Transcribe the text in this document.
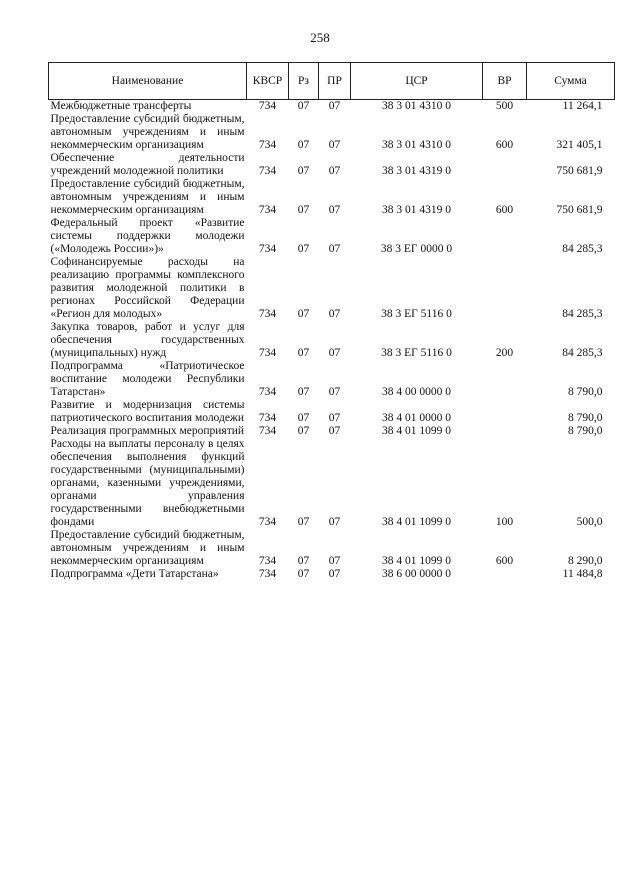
258
Наименование	КВСР	Рз	ПР	ЦСР	ВР	Сумма
Межбюджетные трансферты	734	07	07	38 3 01 4310 0	500	11 264,1
Предоставление субсидий бюджетным, автономным учреждениям и иным некоммерческим организациям	734	07	07	38 3 01 4310 0	600	321 405,1
Обеспечение деятельности учреждений молодежной политики	734	07	07	38 3 01 4319 0		750 681,9
Предоставление субсидий бюджетным, автономным учреждениям и иным некоммерческим организациям	734	07	07	38 3 01 4319 0	600	750 681,9
Федеральный проект «Развитие системы поддержки молодежи («Молодежь России»)»	734	07	07	38 3 ЕГ 0000 0		84 285,3
Софинансируемые расходы на реализацию программы комплексного развития молодежной политики в регионах Российской Федерации «Регион для молодых»	734	07	07	38 3 ЕГ 5116 0		84 285,3
Закупка товаров, работ и услуг для обеспечения государственных (муниципальных) нужд	734	07	07	38 3 ЕГ 5116 0	200	84 285,3
Подпрограмма «Патриотическое воспитание молодежи Республики Татарстан»	734	07	07	38 4 00 0000 0		8 790,0
Развитие и модернизация системы патриотического воспитания молодежи	734	07	07	38 4 01 0000 0		8 790,0
Реализация программных мероприятий	734	07	07	38 4 01 1099 0		8 790,0
Расходы на выплаты персоналу в целях обеспечения выполнения функций государственными (муниципальными) органами, казенными учреждениями, органами управления государственными внебюджетными фондами	734	07	07	38 4 01 1099 0	100	500,0
Предоставление субсидий бюджетным, автономным учреждениям и иным некоммерческим организациям	734	07	07	38 4 01 1099 0	600	8 290,0
Подпрограмма «Дети Татарстана»	734	07	07	38 6 00 0000 0		11 484,8
